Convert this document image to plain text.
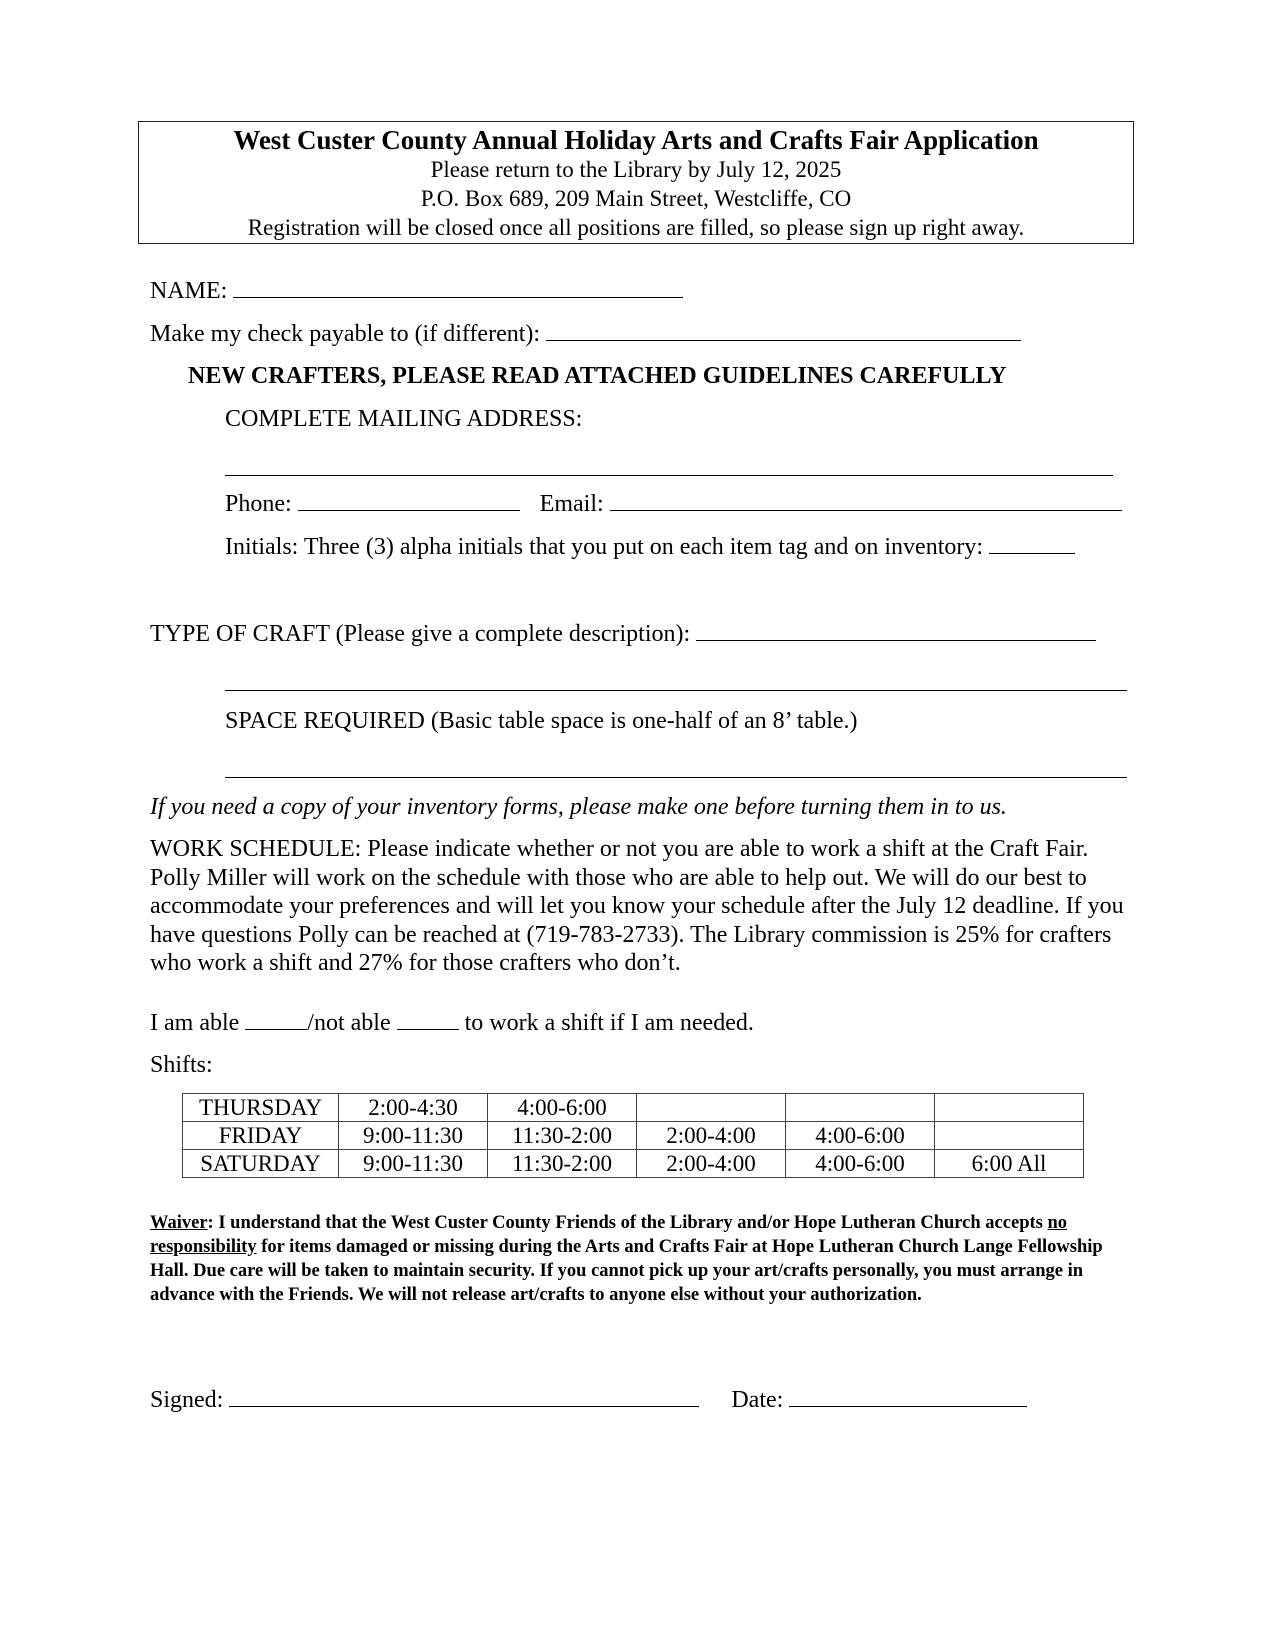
West Custer County Annual Holiday Arts and Crafts Fair Application
Please return to the Library by July 12, 2025
P.O. Box 689, 209 Main Street, Westcliffe, CO
Registration will be closed once all positions are filled, so please sign up right away.
NAME:
Make my check payable to (if different):
NEW CRAFTERS, PLEASE READ ATTACHED GUIDELINES CAREFULLY
COMPLETE MAILING ADDRESS:
Phone:	Email:
Initials: Three (3) alpha initials that you put on each item tag and on inventory:
TYPE OF CRAFT (Please give a complete description):
SPACE REQUIRED (Basic table space is one-half of an 8’ table.)
If you need a copy of your inventory forms, please make one before turning them in to us.
WORK SCHEDULE: Please indicate whether or not you are able to work a shift at the Craft Fair. Polly Miller will work on the schedule with those who are able to help out. We will do our best to accommodate your preferences and will let you know your schedule after the July 12 deadline. If you have questions Polly can be reached at (719-783-2733). The Library commission is 25% for crafters who work a shift and 27% for those crafters who don’t.
I am able	/not able	to work a shift if I am needed.
Shifts:
THURSDAY	2:00-4:30	4:00-6:00			
FRIDAY	9:00-11:30	11:30-2:00	2:00-4:00	4:00-6:00	
SATURDAY	9:00-11:30	11:30-2:00	2:00-4:00	4:00-6:00	6:00 All
Waiver: I understand that the West Custer County Friends of the Library and/or Hope Lutheran Church accepts no responsibility for items damaged or missing during the Arts and Crafts Fair at Hope Lutheran Church Lange Fellowship Hall. Due care will be taken to maintain security. If you cannot pick up your art/crafts personally, you must arrange in advance with the Friends. We will not release art/crafts to anyone else without your authorization.
Signed:	Date:
